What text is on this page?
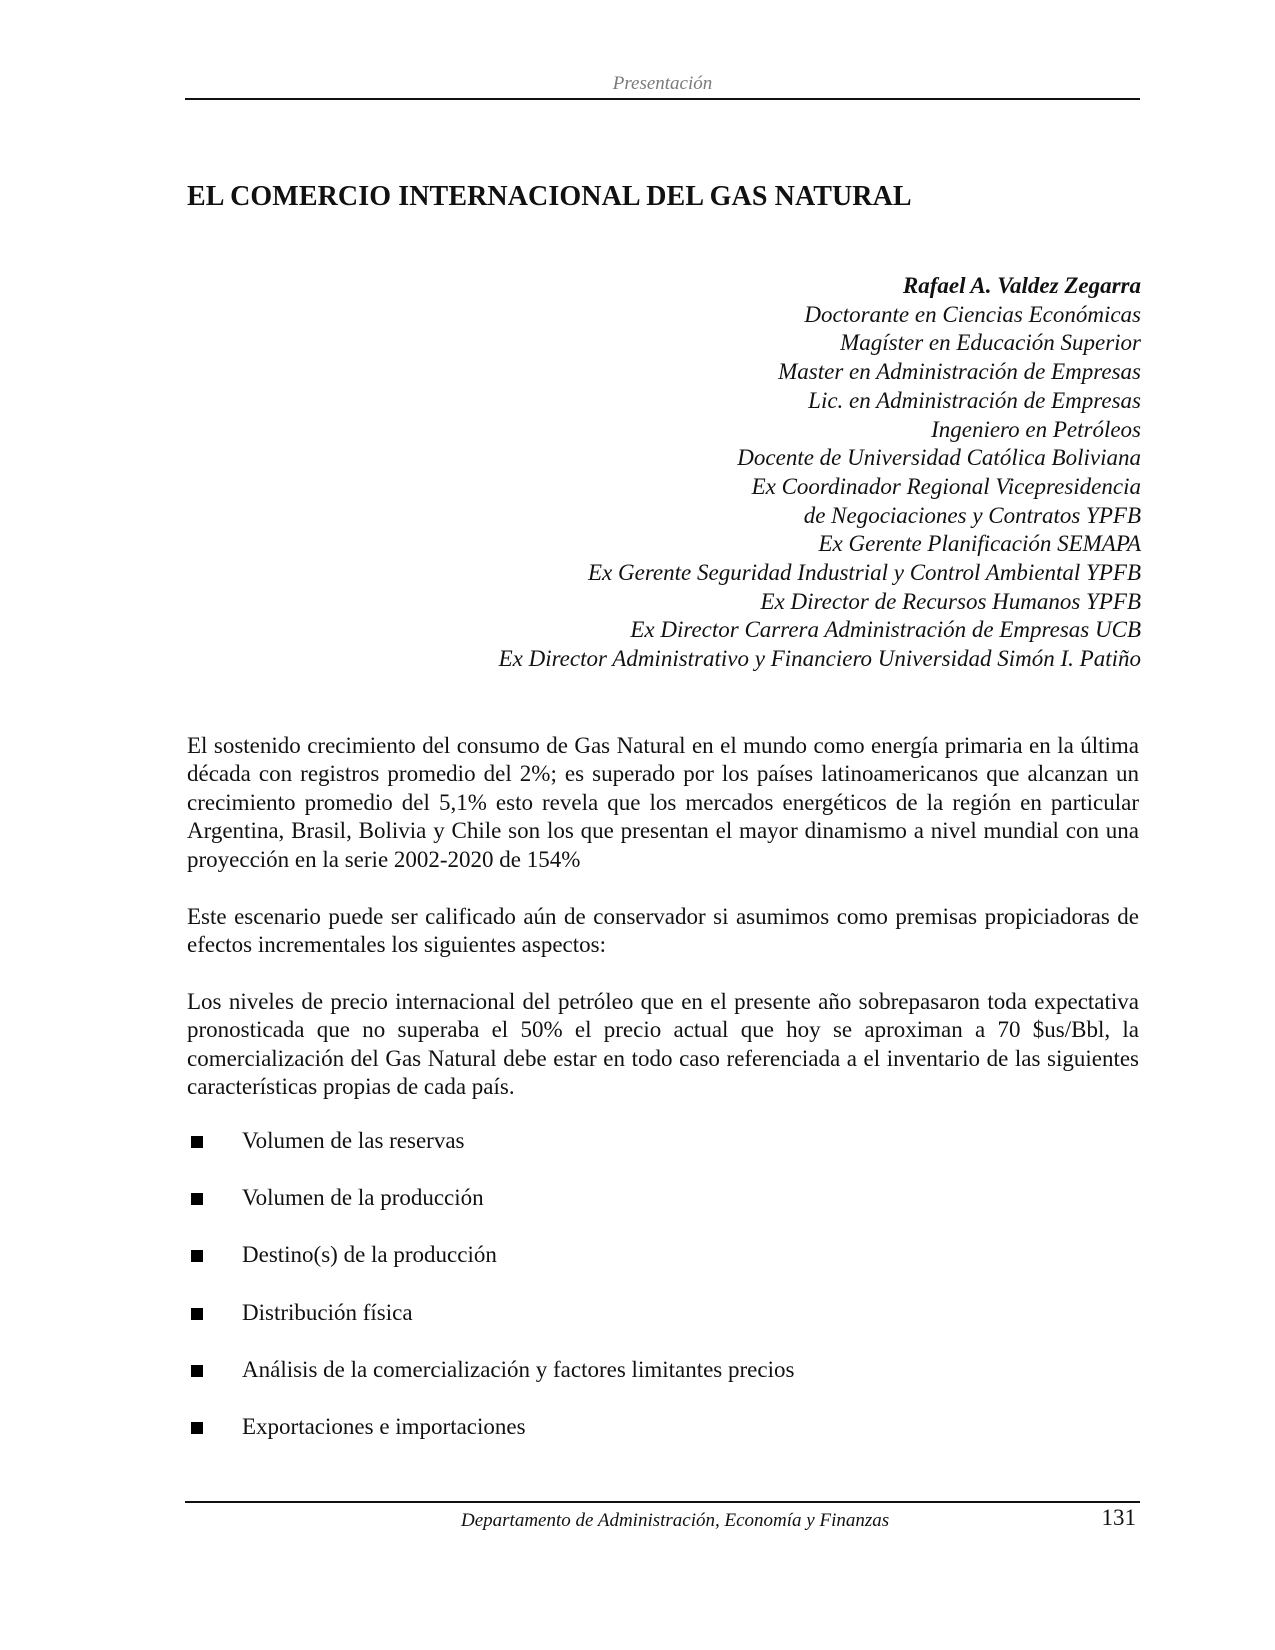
Presentación
EL COMERCIO INTERNACIONAL DEL GAS NATURAL
Rafael A. Valdez Zegarra
Doctorante en Ciencias Económicas
Magíster en Educación Superior
Master en Administración de Empresas
Lic. en Administración de Empresas
Ingeniero en Petróleos
Docente de Universidad Católica Boliviana
Ex Coordinador Regional Vicepresidencia
de Negociaciones y Contratos YPFB
Ex Gerente Planificación SEMAPA
Ex Gerente Seguridad Industrial y Control Ambiental YPFB
Ex Director de Recursos Humanos YPFB
Ex Director Carrera Administración de Empresas UCB
Ex Director Administrativo y Financiero Universidad Simón I. Patiño

El sostenido crecimiento del consumo de Gas Natural en el mundo como energía primaria en la última década con registros promedio del 2%; es superado por los países latinoamericanos que alcanzan un crecimiento promedio del 5,1% esto revela que los mercados energéticos de la región en particular Argentina, Brasil, Bolivia y Chile son los que presentan el mayor dinamismo a nivel mundial con una proyección en la serie 2002-2020 de 154%

Este escenario puede ser calificado aún de conservador si asumimos como premisas propiciadoras de efectos incrementales los siguientes aspectos:

Los niveles de precio internacional del petróleo que en el presente año sobrepasaron toda expectativa pronosticada que no superaba el 50% el precio actual que hoy se aproximan a 70 $us/Bbl, la comercialización del Gas Natural debe estar en todo caso referenciada a el inventario de las siguientes características propias de cada país.

Volumen de las reservas
Volumen de la producción
Destino(s) de la producción
Distribución física
Análisis de la comercialización y factores limitantes precios
Exportaciones e importaciones
Departamento de Administración, Economía y Finanzas	131
